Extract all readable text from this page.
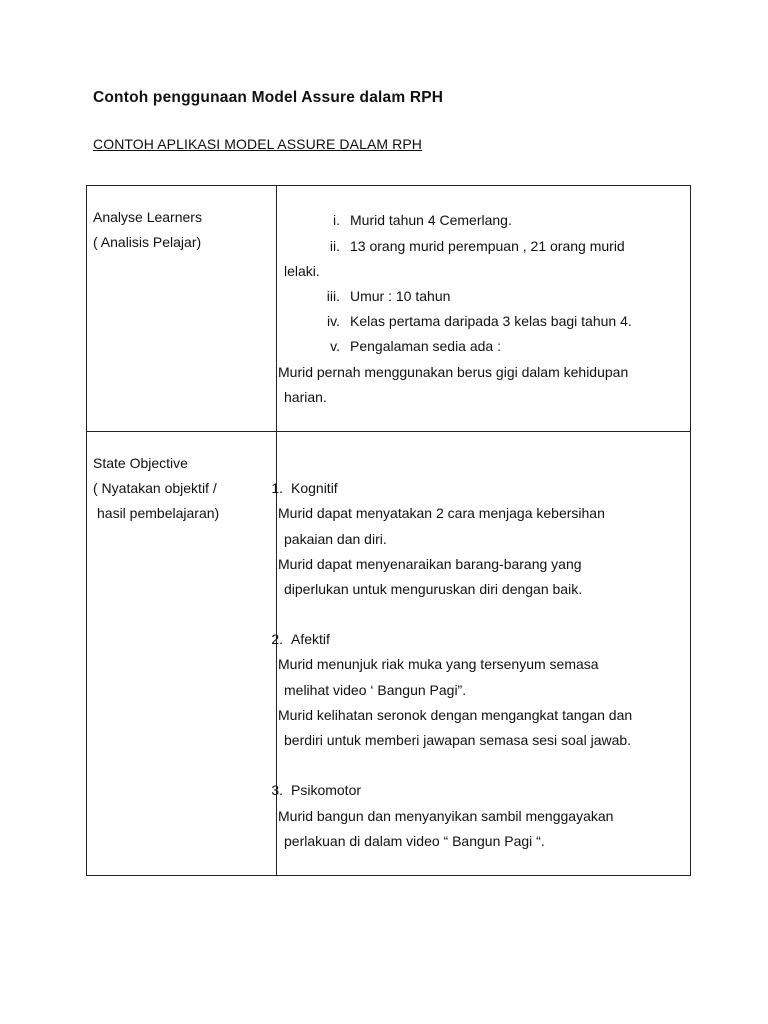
Contoh penggunaan Model Assure dalam RPH

CONTOH APLIKASI MODEL ASSURE DALAM RPH

Analyse Learners

( Analisis Pelajar)

i. Murid tahun 4 Cemerlang.

ii. 13 orang murid perempuan , 21 orang murid

lelaki.

iii. Umur : 10 tahun

iv. Kelas pertama daripada 3 kelas bagi tahun 4.

v. Pengalaman sedia ada :

Murid pernah menggunakan berus gigi dalam kehidupan

harian.

State Objective

( Nyatakan objektif /

hasil pembelajaran)

1. Kognitif

Murid dapat menyatakan 2 cara menjaga kebersihan

pakaian dan diri.

Murid dapat menyenaraikan barang-barang yang

diperlukan untuk menguruskan diri dengan baik.

2. Afektif

Murid menunjuk riak muka yang tersenyum semasa

melihat video ‘ Bangun Pagi”.

Murid kelihatan seronok dengan mengangkat tangan dan

berdiri untuk memberi jawapan semasa sesi soal jawab.

3. Psikomotor

Murid bangun dan menyanyikan sambil menggayakan

perlakuan di dalam video “ Bangun Pagi “.
